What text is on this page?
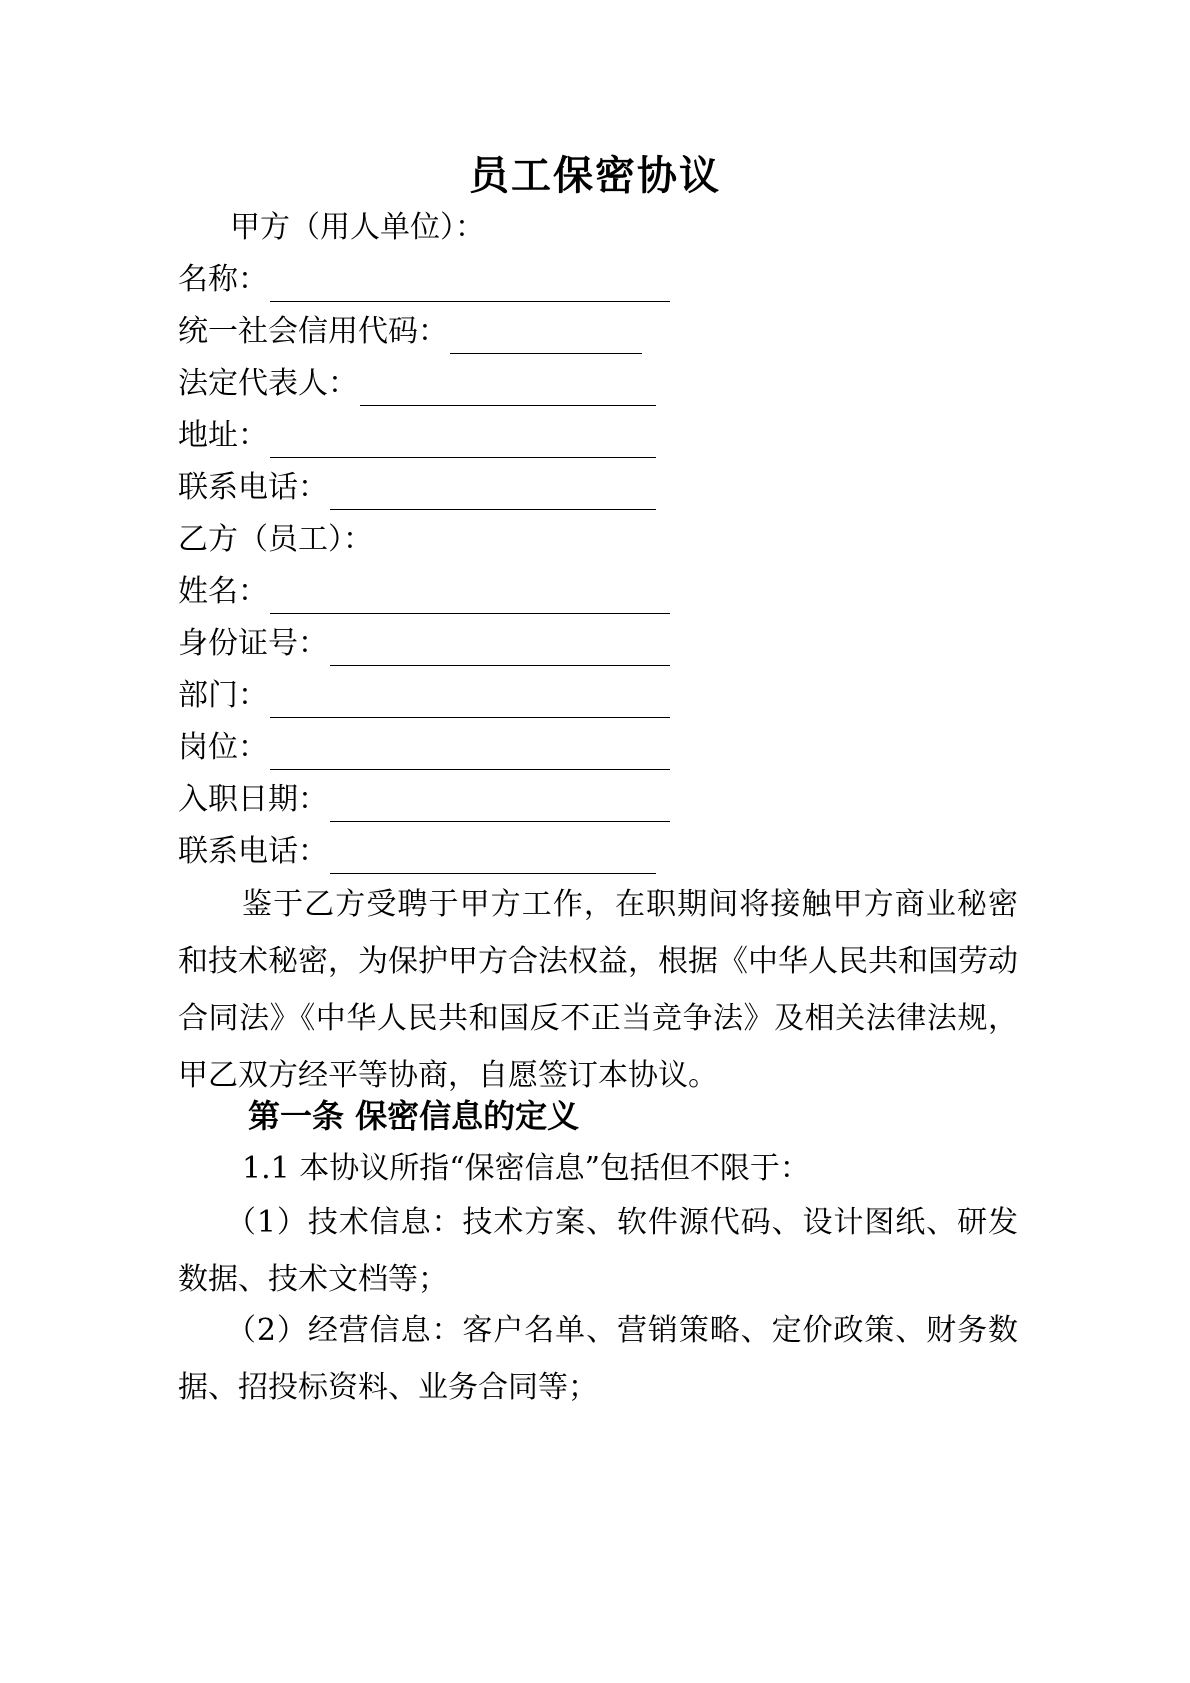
员工保密协议
甲方（用人单位）：
名称：
统一社会信用代码：
法定代表人：
地址：
联系电话：
乙方（员工）：
姓名：
身份证号：
部门：
岗位：
入职日期：
联系电话：
鉴于乙方受聘于甲方工作，在职期间将接触甲方商业秘密和技术秘密，为保护甲方合法权益，根据《中华人民共和国劳动合同法》《中华人民共和国反不正当竞争法》及相关法律法规，甲乙双方经平等协商，自愿签订本协议。
第一条 保密信息的定义
1.1 本协议所指“保密信息”包括但不限于：
（1）技术信息：技术方案、软件源代码、设计图纸、研发数据、技术文档等；
（2）经营信息：客户名单、营销策略、定价政策、财务数据、招投标资料、业务合同等；
